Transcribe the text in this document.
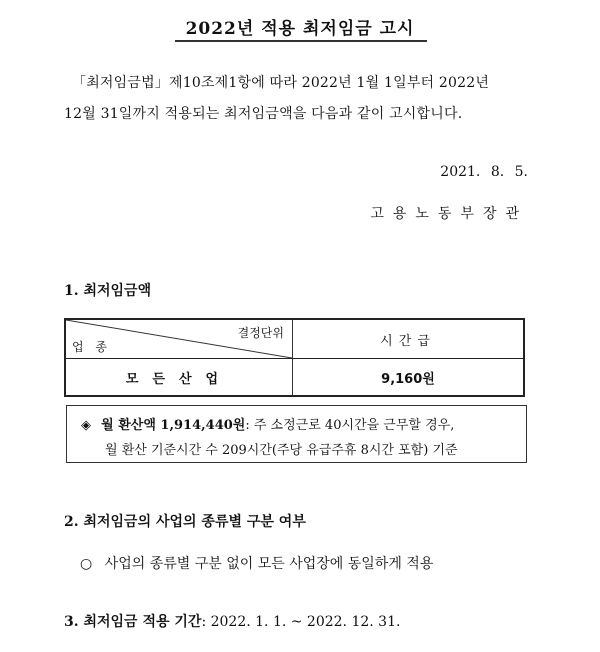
2022년 적용 최저임금 고시
「최저임금법」제10조제1항에 따라 2022년 1월 1일부터 2022년
12월 31일까지 적용되는 최저임금액을 다음과 같이 고시합니다.
2021. 8. 5.
고용노동부장관
1. 최저임금액
결정단위
업 종	시간급
모든산업	9,160원
◈ 월 환산액 1,914,440원: 주 소정근로 40시간을 근무할 경우,
월 환산 기준시간 수 209시간(주당 유급주휴 8시간 포함) 기준
2. 최저임금의 사업의 종류별 구분 여부
○ 사업의 종류별 구분 없이 모든 사업장에 동일하게 적용
3. 최저임금 적용 기간: 2022. 1. 1. ~ 2022. 12. 31.
